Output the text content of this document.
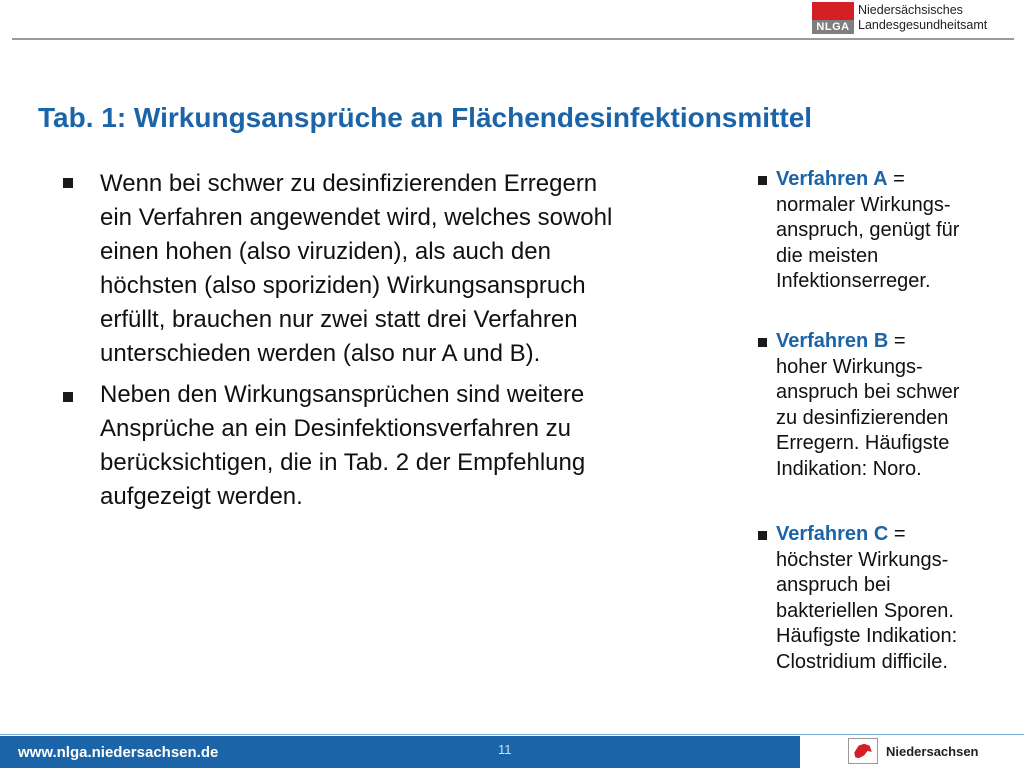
NLGA
Niedersächsisches
Landesgesundheitsamt
Tab. 1: Wirkungsansprüche an Flächendesinfektionsmittel
Wenn bei schwer zu desinfizierenden Erregern
ein Verfahren angewendet wird, welches sowohl
einen hohen (also viruziden), als auch den
höchsten (also sporiziden) Wirkungsanspruch
erfüllt, brauchen nur zwei statt drei Verfahren
unterschieden werden (also nur A und B).
Neben den Wirkungsansprüchen sind weitere
Ansprüche an ein Desinfektionsverfahren zu
berücksichtigen, die in Tab. 2 der Empfehlung
aufgezeigt werden.
Verfahren A =
normaler Wirkungs-
anspruch, genügt für
die meisten
Infektionserreger.
Verfahren B =
hoher Wirkungs-
anspruch bei schwer
zu desinfizierenden
Erregern. Häufigste
Indikation: Noro.
Verfahren C =
höchster Wirkungs-
anspruch bei
bakteriellen Sporen.
Häufigste Indikation:
Clostridium difficile.
www.nlga.niedersachsen.de	11	Niedersachsen
